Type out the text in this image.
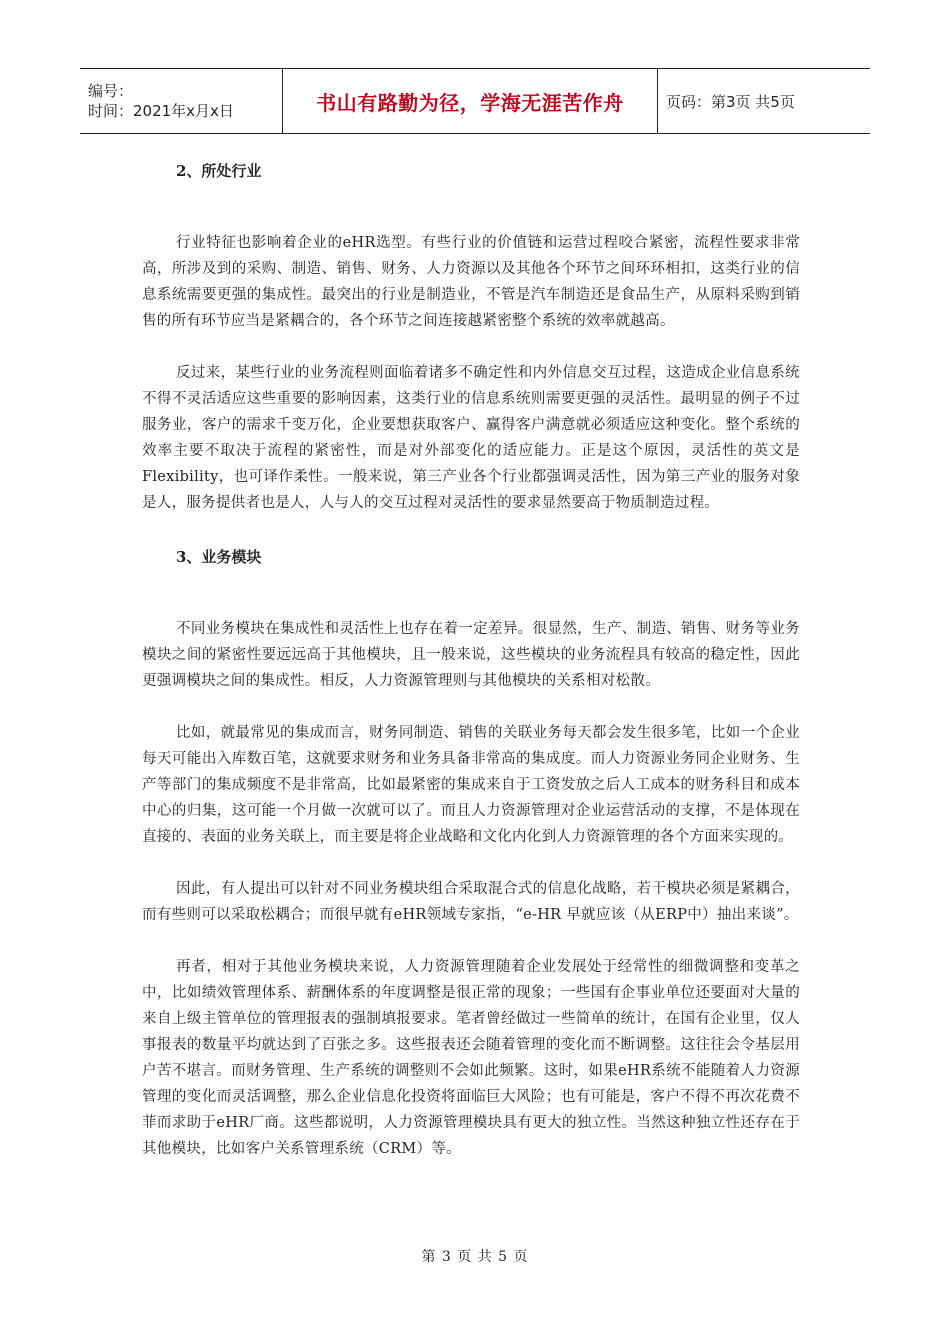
编号：
时间：2021年x月x日	书山有路勤为径，学海无涯苦作舟	页码：第3页 共5页
2、所处行业

行业特征也影响着企业的eHR选型。有些行业的价值链和运营过程咬合紧密，流程性要求非常高，所涉及到的采购、制造、销售、财务、人力资源以及其他各个环节之间环环相扣，这类行业的信息系统需要更强的集成性。最突出的行业是制造业，不管是汽车制造还是食品生产，从原料采购到销售的所有环节应当是紧耦合的，各个环节之间连接越紧密整个系统的效率就越高。

反过来，某些行业的业务流程则面临着诸多不确定性和内外信息交互过程，这造成企业信息系统不得不灵活适应这些重要的影响因素，这类行业的信息系统则需要更强的灵活性。最明显的例子不过服务业，客户的需求千变万化，企业要想获取客户、赢得客户满意就必须适应这种变化。整个系统的效率主要不取决于流程的紧密性，而是对外部变化的适应能力。正是这个原因，灵活性的英文是Flexibility，也可译作柔性。一般来说，第三产业各个行业都强调灵活性，因为第三产业的服务对象是人，服务提供者也是人，人与人的交互过程对灵活性的要求显然要高于物质制造过程。

3、业务模块

不同业务模块在集成性和灵活性上也存在着一定差异。很显然，生产、制造、销售、财务等业务模块之间的紧密性要远远高于其他模块，且一般来说，这些模块的业务流程具有较高的稳定性，因此更强调模块之间的集成性。相反，人力资源管理则与其他模块的关系相对松散。

比如，就最常见的集成而言，财务同制造、销售的关联业务每天都会发生很多笔，比如一个企业每天可能出入库数百笔，这就要求财务和业务具备非常高的集成度。而人力资源业务同企业财务、生产等部门的集成频度不是非常高，比如最紧密的集成来自于工资发放之后人工成本的财务科目和成本中心的归集，这可能一个月做一次就可以了。而且人力资源管理对企业运营活动的支撑，不是体现在直接的、表面的业务关联上，而主要是将企业战略和文化内化到人力资源管理的各个方面来实现的。

因此，有人提出可以针对不同业务模块组合采取混合式的信息化战略，若干模块必须是紧耦合，而有些则可以采取松耦合；而很早就有eHR领域专家指，“e-HR 早就应该（从ERP中）抽出来谈”。

再者，相对于其他业务模块来说，人力资源管理随着企业发展处于经常性的细微调整和变革之中，比如绩效管理体系、薪酬体系的年度调整是很正常的现象；一些国有企事业单位还要面对大量的来自上级主管单位的管理报表的强制填报要求。笔者曾经做过一些简单的统计，在国有企业里，仅人事报表的数量平均就达到了百张之多。这些报表还会随着管理的变化而不断调整。这往往会令基层用户苦不堪言。而财务管理、生产系统的调整则不会如此频繁。这时，如果eHR系统不能随着人力资源管理的变化而灵活调整，那么企业信息化投资将面临巨大风险；也有可能是，客户不得不再次花费不菲而求助于eHR厂商。这些都说明，人力资源管理模块具有更大的独立性。当然这种独立性还存在于其他模块，比如客户关系管理系统（CRM）等。

第 3 页 共 5 页
